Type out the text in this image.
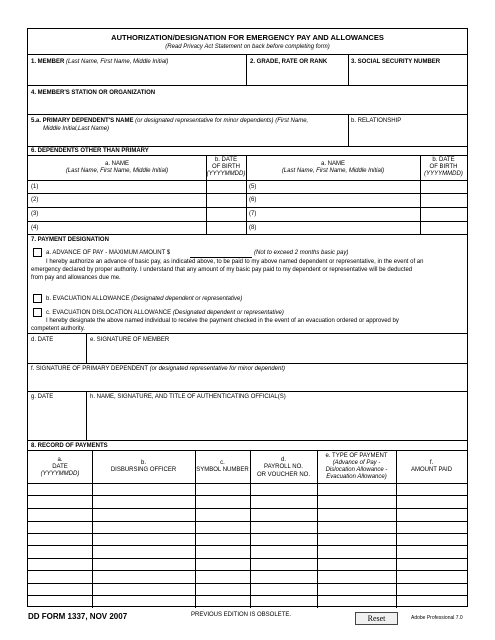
AUTHORIZATION/DESIGNATION FOR EMERGENCY PAY AND ALLOWANCES
(Read Privacy Act Statement on back before completing form)
1. MEMBER (Last Name, First Name, Middle Initial)	2. GRADE, RATE OR RANK	3. SOCIAL SECURITY NUMBER
4. MEMBER'S STATION OR ORGANIZATION
5.a. PRIMARY DEPENDENT'S NAME (or designated representative for minor dependents) (First Name,
Middle Initial,Last Name)
b. RELATIONSHIP
6. DEPENDENTS OTHER THAN PRIMARY
a. NAME
(Last Name, First Name, Middle Initial)
b. DATE
OF BIRTH
(YYYYMMDD)
a. NAME
(Last Name, First Name, Middle Initial)
b. DATE
OF BIRTH
(YYYYMMDD)
(1)	(5)
(2)	(6)
(3)	(7)
(4)	(8)
7. PAYMENT DESIGNATION
a. ADVANCE OF PAY - MAXIMUM AMOUNT $	(Not to exceed 2 months basic pay)
I hereby authorize an advance of basic pay, as indicated above, to be paid to my above named dependent or representative, in the event of an
emergency declared by proper authority. I understand that any amount of my basic pay paid to my dependent or representative will be deducted
from pay and allowances due me.
b. EVACUATION ALLOWANCE (Designated dependent or representative)
c. EVACUATION DISLOCATION ALLOWANCE (Designated dependent or representative)
I hereby designate the above named individual to receive the payment checked in the event of an evacuation ordered or approved by
competent authority.
d. DATE	e. SIGNATURE OF MEMBER
f. SIGNATURE OF PRIMARY DEPENDENT (or designated representative for minor dependent)
g. DATE	h. NAME, SIGNATURE, AND TITLE OF AUTHENTICATING OFFICIAL(S)
8. RECORD OF PAYMENTS
a.
DATE
(YYYYMMDD)
b.
DISBURSING OFFICER
c.
SYMBOL NUMBER
d.
PAYROLL NO.
OR VOUCHER NO.
e. TYPE OF PAYMENT
(Advance of Pay -
Dislocation Allowance -
Evacuation Allowance)
f.
AMOUNT PAID
DD FORM 1337, NOV 2007	PREVIOUS EDITION IS OBSOLETE.	Reset	Adobe Professional 7.0
